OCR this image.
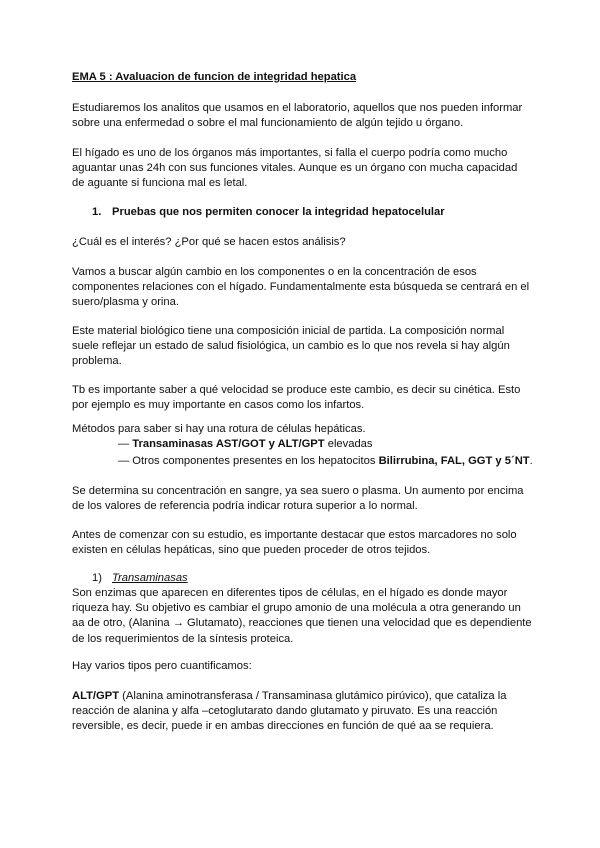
EMA 5 : Avaluacion de funcion de integridad hepatica

Estudiaremos los analitos que usamos en el laboratorio, aquellos que nos pueden informar sobre una enfermedad o sobre el mal funcionamiento de algún tejido u órgano.

El hígado es uno de los órganos más importantes, si falla el cuerpo podría como mucho aguantar unas 24h con sus funciones vitales. Aunque es un órgano con mucha capacidad de aguante si funciona mal es letal.

1. Pruebas que nos permiten conocer la integridad hepatocelular

¿Cuál es el interés? ¿Por qué se hacen estos análisis?

Vamos a buscar algún cambio en los componentes o en la concentración de esos componentes relaciones con el hígado. Fundamentalmente esta búsqueda se centrará en el suero/plasma y orina.

Este material biológico tiene una composición inicial de partida. La composición normal suele reflejar un estado de salud fisiológica, un cambio es lo que nos revela si hay algún problema.

Tb es importante saber a qué velocidad se produce este cambio, es decir su cinética. Esto por ejemplo es muy importante en casos como los infartos.

Métodos para saber si hay una rotura de células hepáticas.

— Transaminasas AST/GOT y ALT/GPT elevadas

— Otros componentes presentes en los hepatocitos Bilirrubina, FAL, GGT y 5´NT.

Se determina su concentración en sangre, ya sea suero o plasma. Un aumento por encima de los valores de referencia podría indicar rotura superior a lo normal.

Antes de comenzar con su estudio, es importante destacar que estos marcadores no solo existen en células hepáticas, sino que pueden proceder de otros tejidos.

1) Transaminasas

Son enzimas que aparecen en diferentes tipos de células, en el hígado es donde mayor riqueza hay. Su objetivo es cambiar el grupo amonio de una molécula a otra generando un aa de otro, (Alanina → Glutamato), reacciones que tienen una velocidad que es dependiente de los requerimientos de la síntesis proteica.

Hay varios tipos pero cuantificamos:

ALT/GPT (Alanina aminotransferasa / Transaminasa glutámico pirúvico), que cataliza la reacción de alanina y alfa –cetoglutarato dando glutamato y piruvato. Es una reacción reversible, es decir, puede ir en ambas direcciones en función de qué aa se requiera.
